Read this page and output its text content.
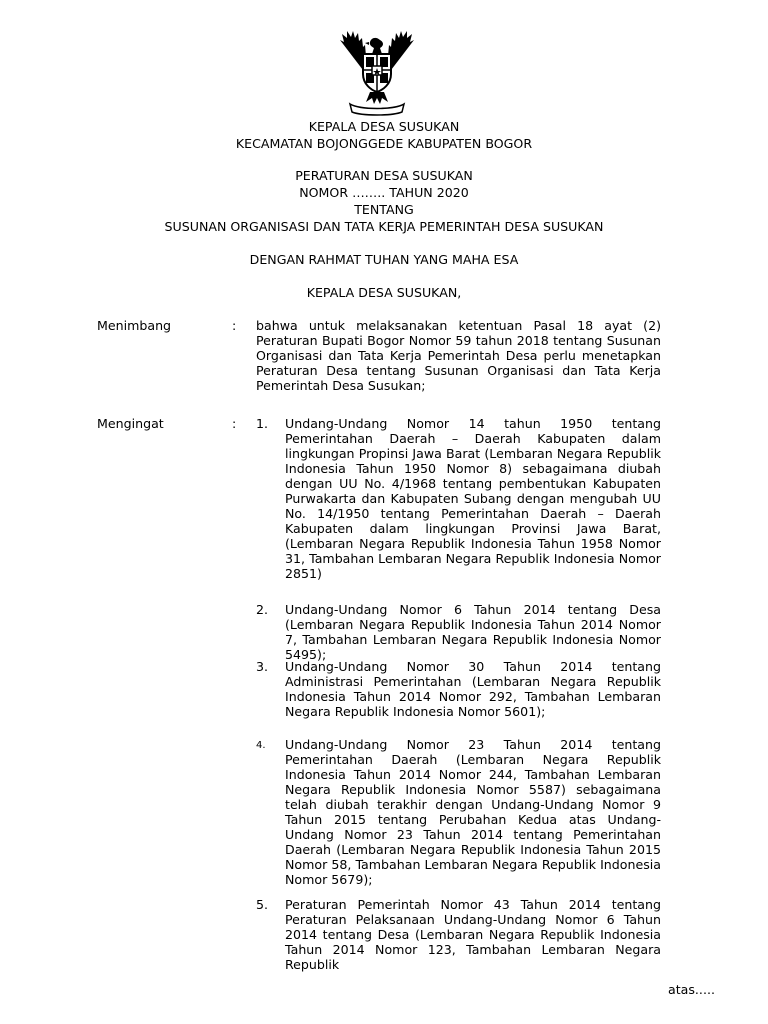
KEPALA DESA SUSUKAN
KECAMATAN BOJONGGEDE KABUPATEN BOGOR
PERATURAN DESA SUSUKAN
NOMOR …….. TAHUN 2020
TENTANG
SUSUNAN ORGANISASI DAN TATA KERJA PEMERINTAH DESA SUSUKAN
DENGAN RAHMAT TUHAN YANG MAHA ESA
KEPALA DESA SUSUKAN,
Menimbang	: bahwa untuk melaksanakan ketentuan Pasal 18 ayat (2) Peraturan Bupati Bogor Nomor 59 tahun 2018 tentang Susunan Organisasi dan Tata Kerja Pemerintah Desa perlu menetapkan Peraturan Desa tentang Susunan Organisasi dan Tata Kerja Pemerintah Desa Susukan;
Mengingat	: 1. Undang-Undang Nomor 14 tahun 1950 tentang Pemerintahan Daerah – Daerah Kabupaten dalam lingkungan Propinsi Jawa Barat (Lembaran Negara Republik Indonesia Tahun 1950 Nomor 8) sebagaimana diubah dengan UU No. 4/1968 tentang pembentukan Kabupaten Purwakarta dan Kabupaten Subang dengan mengubah UU No. 14/1950 tentang Pemerintahan Daerah – Daerah Kabupaten dalam lingkungan Provinsi Jawa Barat, (Lembaran Negara Republik Indonesia Tahun 1958 Nomor 31, Tambahan Lembaran Negara Republik Indonesia Nomor 2851)
2. Undang-Undang Nomor 6 Tahun 2014 tentang Desa (Lembaran Negara Republik Indonesia Tahun 2014 Nomor 7, Tambahan Lembaran Negara Republik Indonesia Nomor 5495);
3. Undang-Undang Nomor 30 Tahun 2014 tentang Administrasi Pemerintahan (Lembaran Negara Republik Indonesia Tahun 2014 Nomor 292, Tambahan Lembaran Negara Republik Indonesia Nomor 5601);
4. Undang-Undang Nomor 23 Tahun 2014 tentang Pemerintahan Daerah (Lembaran Negara Republik Indonesia Tahun 2014 Nomor 244, Tambahan Lembaran Negara Republik Indonesia Nomor 5587) sebagaimana telah diubah terakhir dengan Undang-Undang Nomor 9 Tahun 2015 tentang Perubahan Kedua atas Undang-Undang Nomor 23 Tahun 2014 tentang Pemerintahan Daerah (Lembaran Negara Republik Indonesia Tahun 2015 Nomor 58, Tambahan Lembaran Negara Republik Indonesia Nomor 5679);
5. Peraturan Pemerintah Nomor 43 Tahun 2014 tentang Peraturan Pelaksanaan Undang-Undang Nomor 6 Tahun 2014 tentang Desa (Lembaran Negara Republik Indonesia Tahun 2014 Nomor 123, Tambahan Lembaran Negara Republik
atas.....
